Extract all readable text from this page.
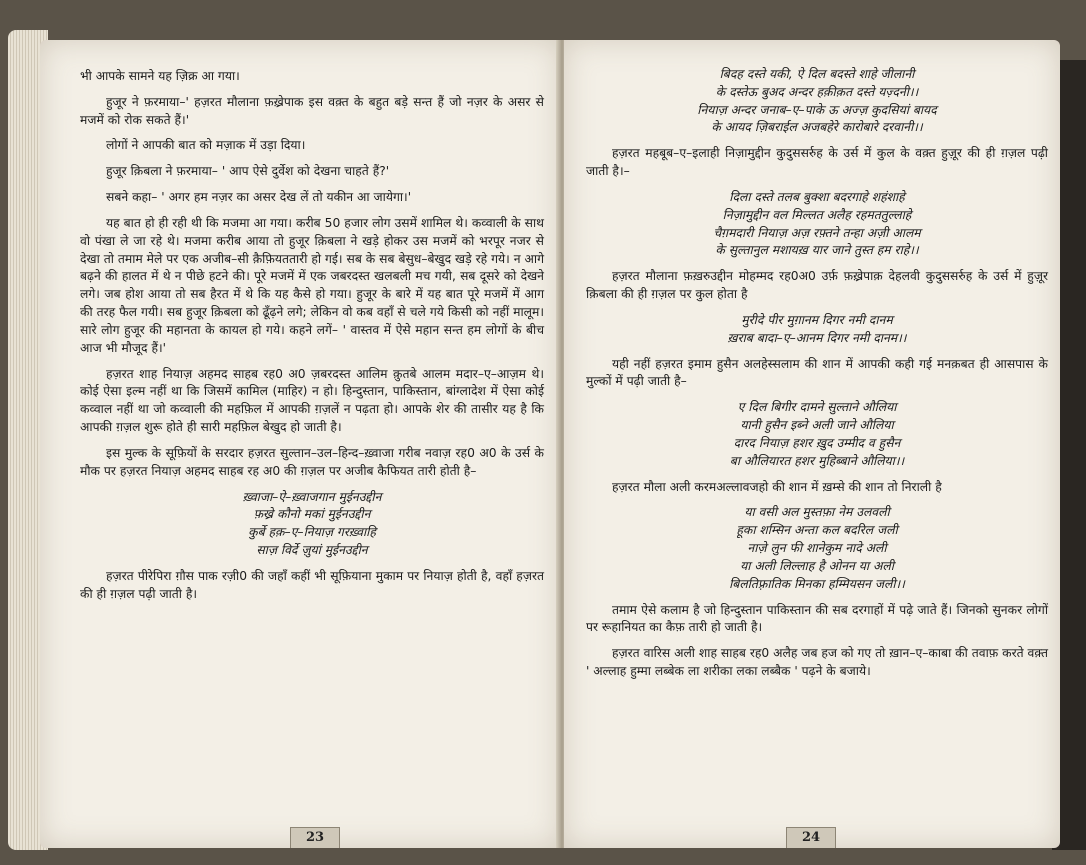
भी आपके सामने यह ज़िक्र आ गया।

हुजूर ने फ़रमाया–' हज़रत मौलाना फ़ख़्रेपाक इस वक़्त के बहुत बड़े सन्त हैं जो नज़र के असर से मजमें को रोक सकते हैं।'

लोगों ने आपकी बात को मज़ाक में उड़ा दिया।

हुजूर क़िबला ने फ़रमाया– ' आप ऐसे दुर्वेश को देखना चाहते हैं?'

सबने कहा– ' अगर हम नज़र का असर देख लें तो यकीन आ जायेगा।'

यह बात हो ही रही थी कि मजमा आ गया। करीब 50 हजार लोग उसमें शामिल थे। कव्वाली के साथ वो पंखा ले जा रहे थे। मजमा करीब आया तो हुजूर क़िबला ने खड़े होकर उस मजमें को भरपूर नजर से देखा तो तमाम मेले पर एक अजीब–सी क़ैफ़ियततारी हो गई। सब के सब बेसुध–बेखुद खड़े रहे गये। न आगे बढ़ने की हालत में थे न पीछे हटने की। पूरे मजमें में एक जबरदस्त खलबली मच गयी, सब दूसरे को देखने लगे। जब होश आया तो सब हैरत में थे कि यह कैसे हो गया। हुजूर के बारे में यह बात पूरे मजमें में आग की तरह फैल गयी। सब हुजूर क़िबला को ढूँढ़ने लगे; लेकिन वो कब वहाँ से चले गये किसी को नहीं मालूम। सारे लोग हुजूर की महानता के कायल हो गये। कहने लगें– ' वास्तव में ऐसे महान सन्त हम लोगों के बीच आज भी मौजूद हैं।'

हज़रत शाह नियाज़ अहमद साहब रह0 अ0 ज़बरदस्त आलिम क़ुतबे आलम मदार–ए–आज़म थे। कोई ऐसा इल्म नहीं था कि जिसमें कामिल (माहिर) न हो। हिन्दुस्तान, पाकिस्तान, बांग्लादेश में ऐसा कोई कव्वाल नहीं था जो कव्वाली की महफ़िल में आपकी ग़ज़लें न पढ़ता हो। आपके शेर की तासीर यह है कि आपकी ग़ज़ल शुरू होते ही सारी महफ़िल बेखुद हो जाती है।

इस मुल्क के सूफ़ियों के सरदार हज़रत सुल्तान–उल–हिन्द–ख़्वाजा गरीब नवाज़ रह0 अ0 के उर्स के मौक पर हज़रत नियाज़ अहमद साहब रह अ0 की ग़ज़ल पर अजीब कैफियत तारी होती है–

ख़्वाजा–ऐ–ख़्वाजगान मुईनउद्दीन
फ़ख्रे कौनो मकां मुईनउद्दीन
कुर्बे हक़–ए–नियाज़ गरख़्वाहि
साज़ विर्दे ज़ुयां मुईनउद्दीन

हज़रत पीरेपिरा ग़ौस पाक रज़ी0 की जहाँ कहीं भी सूफ़ियाना मुकाम पर नियाज़ होती है, वहाँ हज़रत की ही ग़ज़ल पढ़ी जाती है।

23
बिदह दस्ते यकी, ऐ दिल बदस्ते शाहे जीलानी
के दस्तेऊ बुअद अन्दर हक़ीक़त दस्ते यज़्दनी।।
नियाज़ अन्दर जनाब–ए–पाके ऊ अज्ज़ कुदसियां बायद
के आयद ज़िबराईल अजबहेरे कारोबारे दरवानी।।

हज़रत महबूब–ए–इलाही निज़ामुद्दीन कुदुससर्रुह के उर्स में कुल के वक़्त हुज़ूर की ही ग़ज़ल पढ़ी जाती है।–

दिला दस्ते तलब बुक्शा बदरगाहे शहंशाहे
निज़ामुद्दीन वल मिल्लत अलैह रहमततुल्लाहे
चैग़मदारी नियाज़ अज़ रफ़्तने तन्हा अज़ी आलम
के सुल्तानुल मशायख़ यार जाने तुस्त हम राहे।।

हज़रत मौलाना फ़ख़रुउद्दीन मोहम्मद रह0अ0 उर्फ़ फ़ख़्रेपाक़ देहलवी कुदुससर्रुह के उर्स में हुज़ूर क़िबला की ही ग़ज़ल पर कुल होता है

मुरीदे पीर मुग़ानम दिगर नमी दानम
ख़राब बादा–ए–आनम दिगर नमी दानम।।

यही नहीं हज़रत इमाम हुसैन अलहेस्सलाम की शान में आपकी कही गई मनक़बत ही आसपास के मुल्कों में पढ़ी जाती है–

ए दिल बिगीर दामने सुल्ताने औलिया
यानी हुसैन इब्ने अली जाने औलिया
दारद नियाज़ हशर ख़ुद उम्मीद व हुसैन
बा औलियारत हशर मुहिब्बाने औलिया।।

हज़रत मौला अली करमअल्लावजहो की शान में ख़म्से की शान तो निराली है

या वसी अल मुस्तफ़ा नेम उलवली
हूका शम्सिन अन्ता कल बदरिल जली
नाज़े लुन फी शानेकुम नादे अली
या अली लिल्लाह है ओनन या अली
बिलतिफ़्रातिक मिनका हम्मियसन जली।।

तमाम ऐसे कलाम है जो हिन्दुस्तान पाकिस्तान की सब दरगाहों में पढ़े जाते हैं। जिनको सुनकर लोगों पर रूहानियत का कैफ़ तारी हो जाती है।

हज़रत वारिस अली शाह साहब रह0 अलैह जब हज को गए तो ख़ान–ए–काबा की तवाफ़ करते वक़्त ' अल्लाह हुम्मा लब्बेक ला शरीका लका लब्बैक ' पढ़ने के बजाये।

24
